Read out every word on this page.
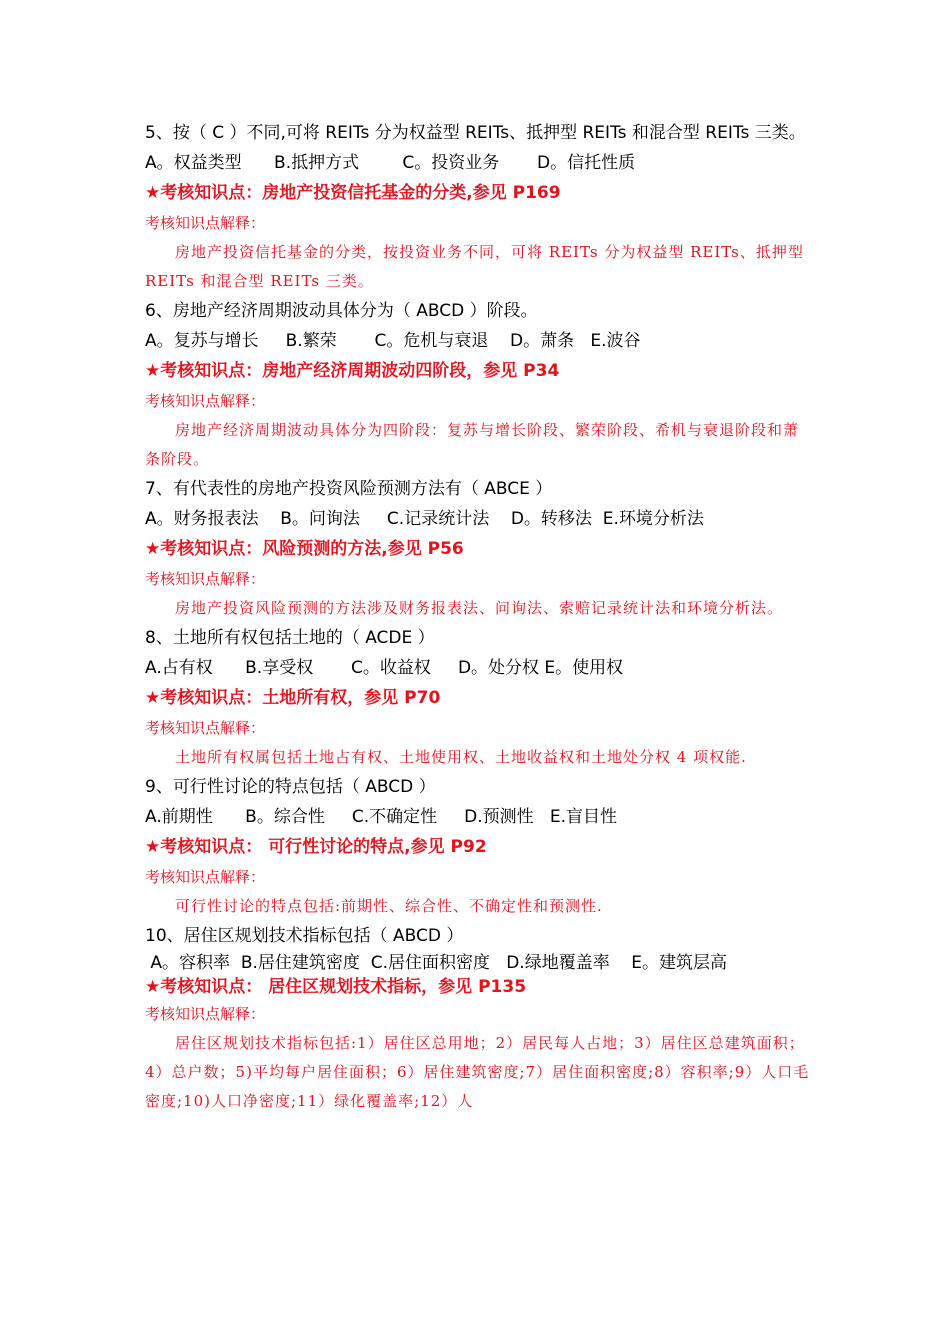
5、按（ C ）不同,可将 REITs 分为权益型 REITs、抵押型 REITs 和混合型 REITs 三类。

A。权益类型      B.抵押方式        C。投资业务       D。信托性质

★考核知识点：房地产投资信托基金的分类,参见 P169

考核知识点解释：

房地产投资信托基金的分类，按投资业务不同，可将 REITs 分为权益型 REITs、抵押型 REITs 和混合型 REITs 三类。

6、房地产经济周期波动具体分为（ ABCD ）阶段。

A。复苏与增长     B.繁荣       C。危机与衰退    D。萧条   E.波谷

★考核知识点：房地产经济周期波动四阶段，参见 P34

考核知识点解释：

房地产经济周期波动具体分为四阶段：复苏与增长阶段、繁荣阶段、希机与衰退阶段和萧条阶段。

7、有代表性的房地产投资风险预测方法有（ ABCE ）

A。财务报表法    B。问询法     C.记录统计法    D。转移法  E.环境分析法

★考核知识点：风险预测的方法,参见 P56

考核知识点解释：

房地产投资风险预测的方法涉及财务报表法、问询法、索赔记录统计法和环境分析法。

8、土地所有权包括土地的（ ACDE ）

A.占有权      B.享受权       C。收益权     D。处分权 E。使用权

★考核知识点：土地所有权，参见 P70

考核知识点解释：

土地所有权属包括土地占有权、土地使用权、土地收益权和土地处分权 4 项权能.

9、可行性讨论的特点包括（ ABCD ）

A.前期性      B。综合性     C.不确定性     D.预测性   E.盲目性

★考核知识点： 可行性讨论的特点,参见 P92

考核知识点解释：

可行性讨论的特点包括:前期性、综合性、不确定性和预测性.

10、居住区规划技术指标包括（ ABCD ）

A。容积率  B.居住建筑密度  C.居住面积密度   D.绿地覆盖率    E。建筑层高

★考核知识点： 居住区规划技术指标，参见 P135

考核知识点解释：

居住区规划技术指标包括:1）居住区总用地；2）居民每人占地；3）居住区总建筑面积；4）总户数；5)平均每户居住面积；6）居住建筑密度;7）居住面积密度;8）容积率;9）人口毛密度;10)人口净密度;11）绿化覆盖率;12）人
